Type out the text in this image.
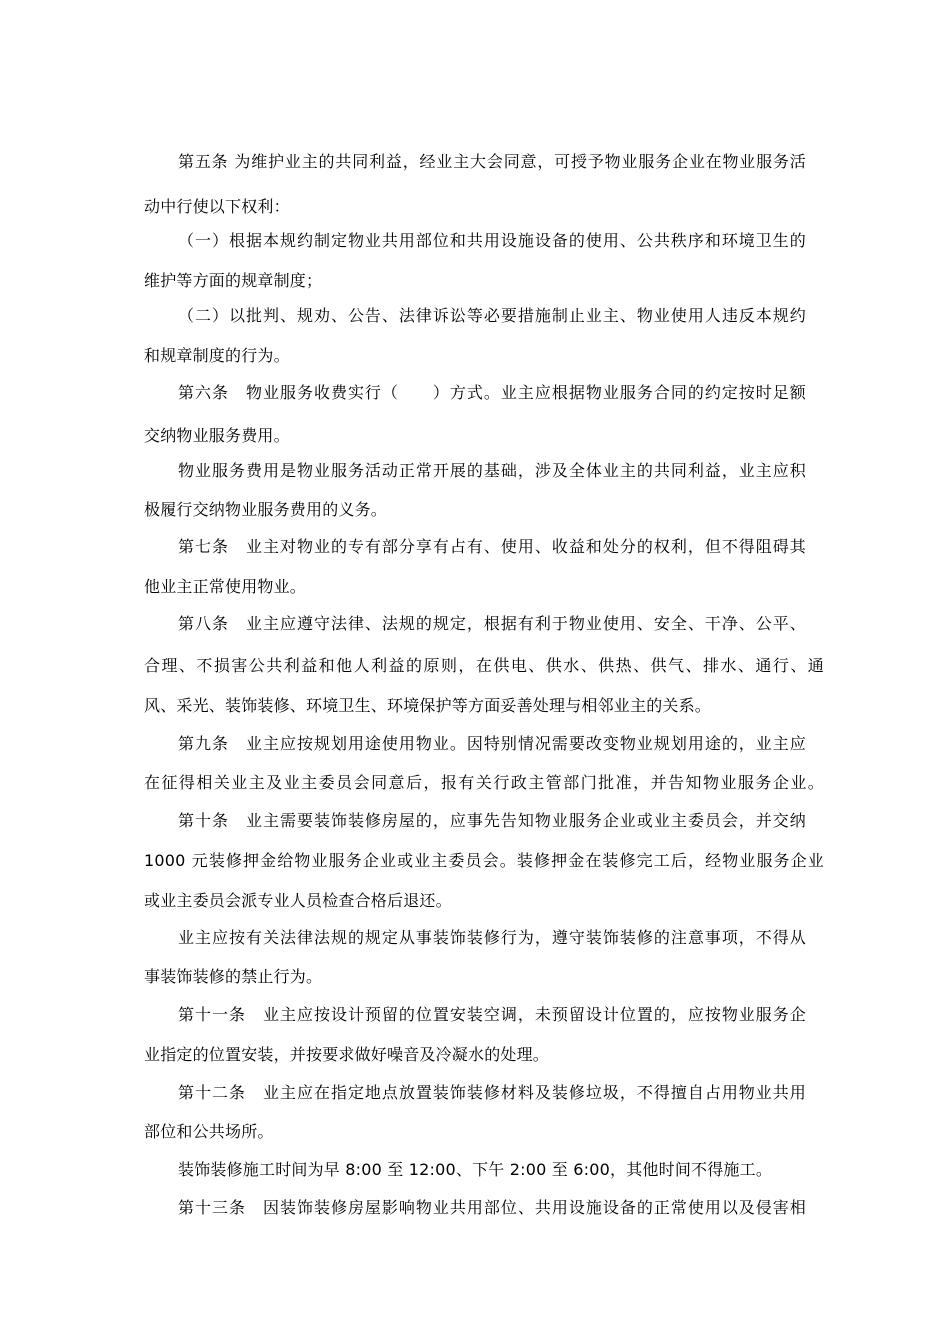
第五条 为维护业主的共同利益，经业主大会同意，可授予物业服务企业在物业服务活
动中行使以下权利：
（一）根据本规约制定物业共用部位和共用设施设备的使用、公共秩序和环境卫生的
维护等方面的规章制度；
（二）以批判、规劝、公告、法律诉讼等必要措施制止业主、物业使用人违反本规约
和规章制度的行为。
第六条　物业服务收费实行（　　）方式。业主应根据物业服务合同的约定按时足额
交纳物业服务费用。
物业服务费用是物业服务活动正常开展的基础，涉及全体业主的共同利益，业主应积
极履行交纳物业服务费用的义务。
第七条　业主对物业的专有部分享有占有、使用、收益和处分的权利，但不得阻碍其
他业主正常使用物业。
第八条　业主应遵守法律、法规的规定，根据有利于物业使用、安全、干净、公平、
合理、不损害公共利益和他人利益的原则，在供电、供水、供热、供气、排水、通行、通
风、采光、装饰装修、环境卫生、环境保护等方面妥善处理与相邻业主的关系。
第九条　业主应按规划用途使用物业。因特别情况需要改变物业规划用途的，业主应
在征得相关业主及业主委员会同意后，报有关行政主管部门批准，并告知物业服务企业。
第十条　业主需要装饰装修房屋的，应事先告知物业服务企业或业主委员会，并交纳
1000 元装修押金给物业服务企业或业主委员会。装修押金在装修完工后，经物业服务企业
或业主委员会派专业人员检查合格后退还。
业主应按有关法律法规的规定从事装饰装修行为，遵守装饰装修的注意事项，不得从
事装饰装修的禁止行为。
第十一条　业主应按设计预留的位置安装空调，未预留设计位置的，应按物业服务企
业指定的位置安装，并按要求做好噪音及冷凝水的处理。
第十二条　业主应在指定地点放置装饰装修材料及装修垃圾，不得擅自占用物业共用
部位和公共场所。
装饰装修施工时间为早 8:00 至 12:00、下午 2:00 至 6:00，其他时间不得施工。
第十三条　因装饰装修房屋影响物业共用部位、共用设施设备的正常使用以及侵害相
